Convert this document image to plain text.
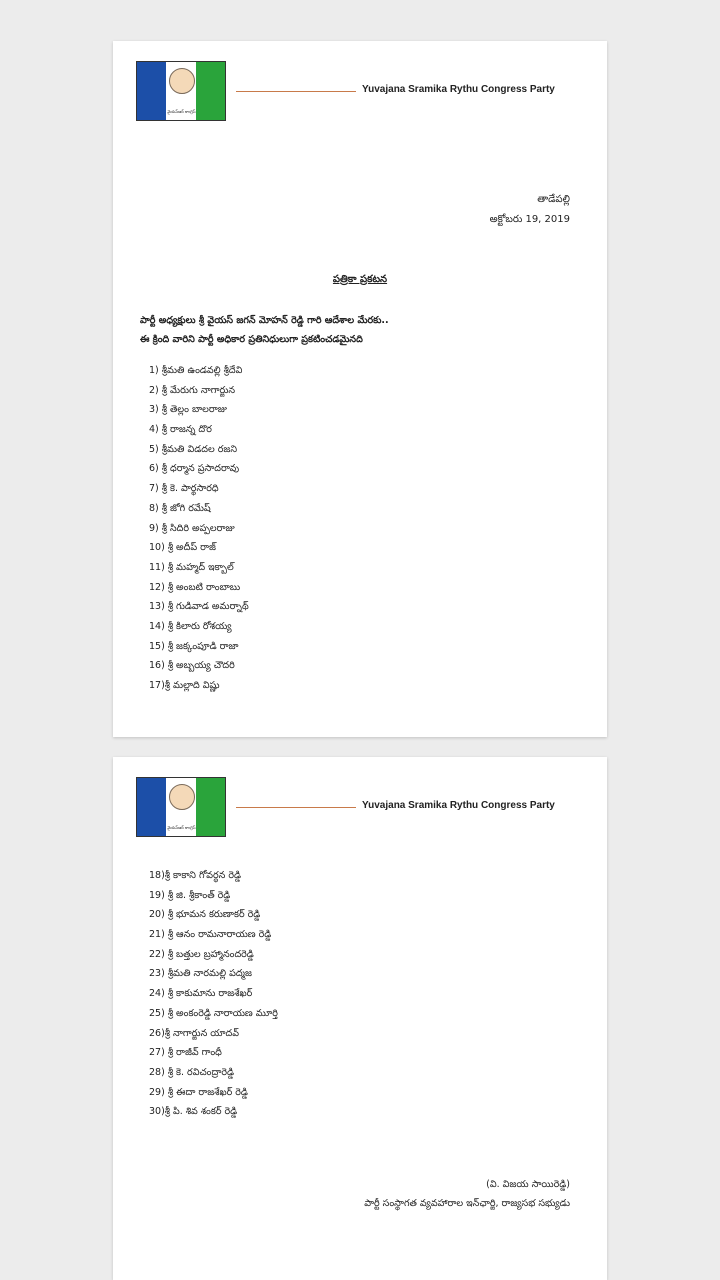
వైయస్ఆర్ కాంగ్రెస్
Yuvajana Sramika Rythu Congress Party
తాడేపల్లి
అక్టోబరు 19, 2019
పత్రికా ప్రకటన
పార్టీ అధ్యక్షులు శ్రీ వైయస్ జగన్ మోహన్ రెడ్డి గారి ఆదేశాల మేరకు..
ఈ క్రింది వారిని పార్టీ అధికార ప్రతినిధులుగా ప్రకటించడమైనది
1) శ్రీమతి ఉండవల్లి శ్రీదేవి
2) శ్రీ మేరుగు నాగార్జున
3) శ్రీ తెల్లం బాలరాజు
4) శ్రీ రాజన్న దొర
5) శ్రీమతి విడదల రజని
6) శ్రీ ధర్మాన ప్రసాదరావు
7) శ్రీ కె. పార్థసారధి
8) శ్రీ జోగి రమేష్
9) శ్రీ సిదిరి అప్పలరాజు
10) శ్రీ అదీప్ రాజ్
11) శ్రీ మహ్మద్ ఇక్బాల్
12) శ్రీ అంబటి రాంబాబు
13) శ్రీ గుడివాడ అమర్నాథ్
14) శ్రీ కిలారు రోశయ్య
15) శ్రీ జక్కంపూడి రాజా
16) శ్రీ అబ్బయ్య చౌదరి
17)శ్రీ మల్లాది విష్ణు
వైయస్ఆర్ కాంగ్రెస్
Yuvajana Sramika Rythu Congress Party
18)శ్రీ కాకాని గోవర్ధన రెడ్డి
19) శ్రీ జి. శ్రీకాంత్ రెడ్డి
20) శ్రీ భూమన కరుణాకర్ రెడ్డి
21) శ్రీ ఆనం రామనారాయణ రెడ్డి
22) శ్రీ బత్తుల బ్రహ్మానందరెడ్డి
23) శ్రీమతి నారమల్లి పద్మజ
24) శ్రీ కాకుమాను రాజశేఖర్
25) శ్రీ అంకంరెడ్డి నారాయణ మూర్తి
26)శ్రీ నాగార్జున యాదవ్
27) శ్రీ రాజీవ్ గాంధీ
28) శ్రీ కె. రవిచంద్రారెడ్డి
29) శ్రీ ఈదా రాజశేఖర్ రెడ్డి
30)శ్రీ పి. శివ శంకర్ రెడ్డి
(వి. విజయ సాయిరెడ్డి)
పార్టీ సంస్థాగత వ్యవహారాల ఇన్‌ఛార్జి, రాజ్యసభ సభ్యుడు
